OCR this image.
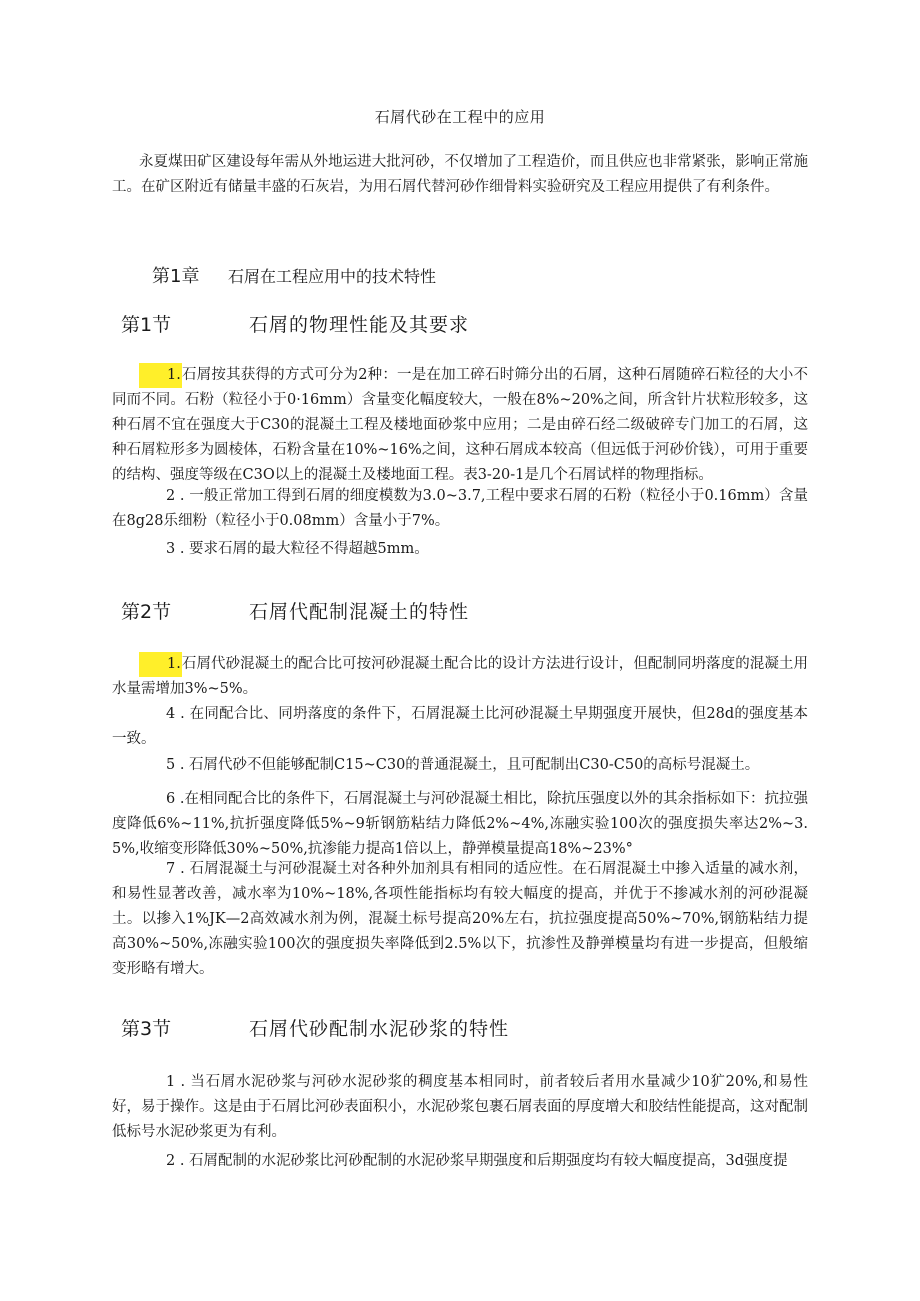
石屑代砂在工程中的应用
永夏煤田矿区建设每年需从外地运进大批河砂，不仅增加了工程造价，而且供应也非常紧张，影响正常施工。在矿区附近有储量丰盛的石灰岩，为用石屑代替河砂作细骨料实验研究及工程应用提供了有利条件。
第1章 石屑在工程应用中的技术特性
第1节	石屑的物理性能及其要求
1.石屑按其获得的方式可分为2种：一是在加工碎石时筛分出的石屑，这种石屑随碎石粒径的大小不同而不同。石粉（粒径小于0·16mm）含量变化幅度较大，一般在8%~20%之间，所含针片状粒形较多，这种石屑不宜在强度大于C30的混凝土工程及楼地面砂浆中应用；二是由碎石经二级破碎专门加工的石屑，这种石屑粒形多为圆棱体，石粉含量在10%~16%之间，这种石屑成本较高（但远低于河砂价钱），可用于重要的结构、强度等级在C3O以上的混凝土及楼地面工程。表3-20-1是几个石屑试样的物理指标。
2 . 一般正常加工得到石屑的细度模数为3.0~3.7,工程中要求石屑的石粉（粒径小于0.16mm）含量在8g28乐细粉（粒径小于0.08mm）含量小于7%。
3 . 要求石屑的最大粒径不得超越5mm。
第2节	石屑代配制混凝土的特性
1.石屑代砂混凝土的配合比可按河砂混凝土配合比的设计方法进行设计，但配制同坍落度的混凝土用水量需增加3%~5%。
4 . 在同配合比、同坍落度的条件下，石屑混凝土比河砂混凝土早期强度开展快，但28d的强度基本一致。
5 . 石屑代砂不但能够配制C15~C30的普通混凝土，且可配制出C30-C50的高标号混凝土。
6 .在相同配合比的条件下，石屑混凝土与河砂混凝土相比，除抗压强度以外的其余指标如下：抗拉强度降低6%~11%,抗折强度降低5%~9斩钢筋粘结力降低2%~4%,冻融实验100次的强度损失率达2%~3.5%,收缩变形降低30%~50%,抗渗能力提高1倍以上，静弹模量提高18%~23%°
7 . 石屑混凝土与河砂混凝土对各种外加剂具有相同的适应性。在石屑混凝土中掺入适量的减水剂，和易性显著改善，减水率为10%~18%,各项性能指标均有较大幅度的提高，并优于不掺减水剂的河砂混凝土。以掺入1%JK—2高效减水剂为例，混凝土标号提高20%左右，抗拉强度提高50%~70%,钢筋粘结力提高30%~50%,冻融实验100次的强度损失率降低到2.5%以下，抗渗性及静弹模量均有进一步提高，但般缩变形略有增大。
第3节	石屑代砂配制水泥砂浆的特性
1 . 当石屑水泥砂浆与河砂水泥砂浆的稠度基本相同时，前者较后者用水量减少10犷20%,和易性好，易于操作。这是由于石屑比河砂表面积小，水泥砂浆包裹石屑表面的厚度增大和胶结性能提高，这对配制低标号水泥砂浆更为有利。
2 . 石屑配制的水泥砂浆比河砂配制的水泥砂浆早期强度和后期强度均有较大幅度提高，3d强度提
